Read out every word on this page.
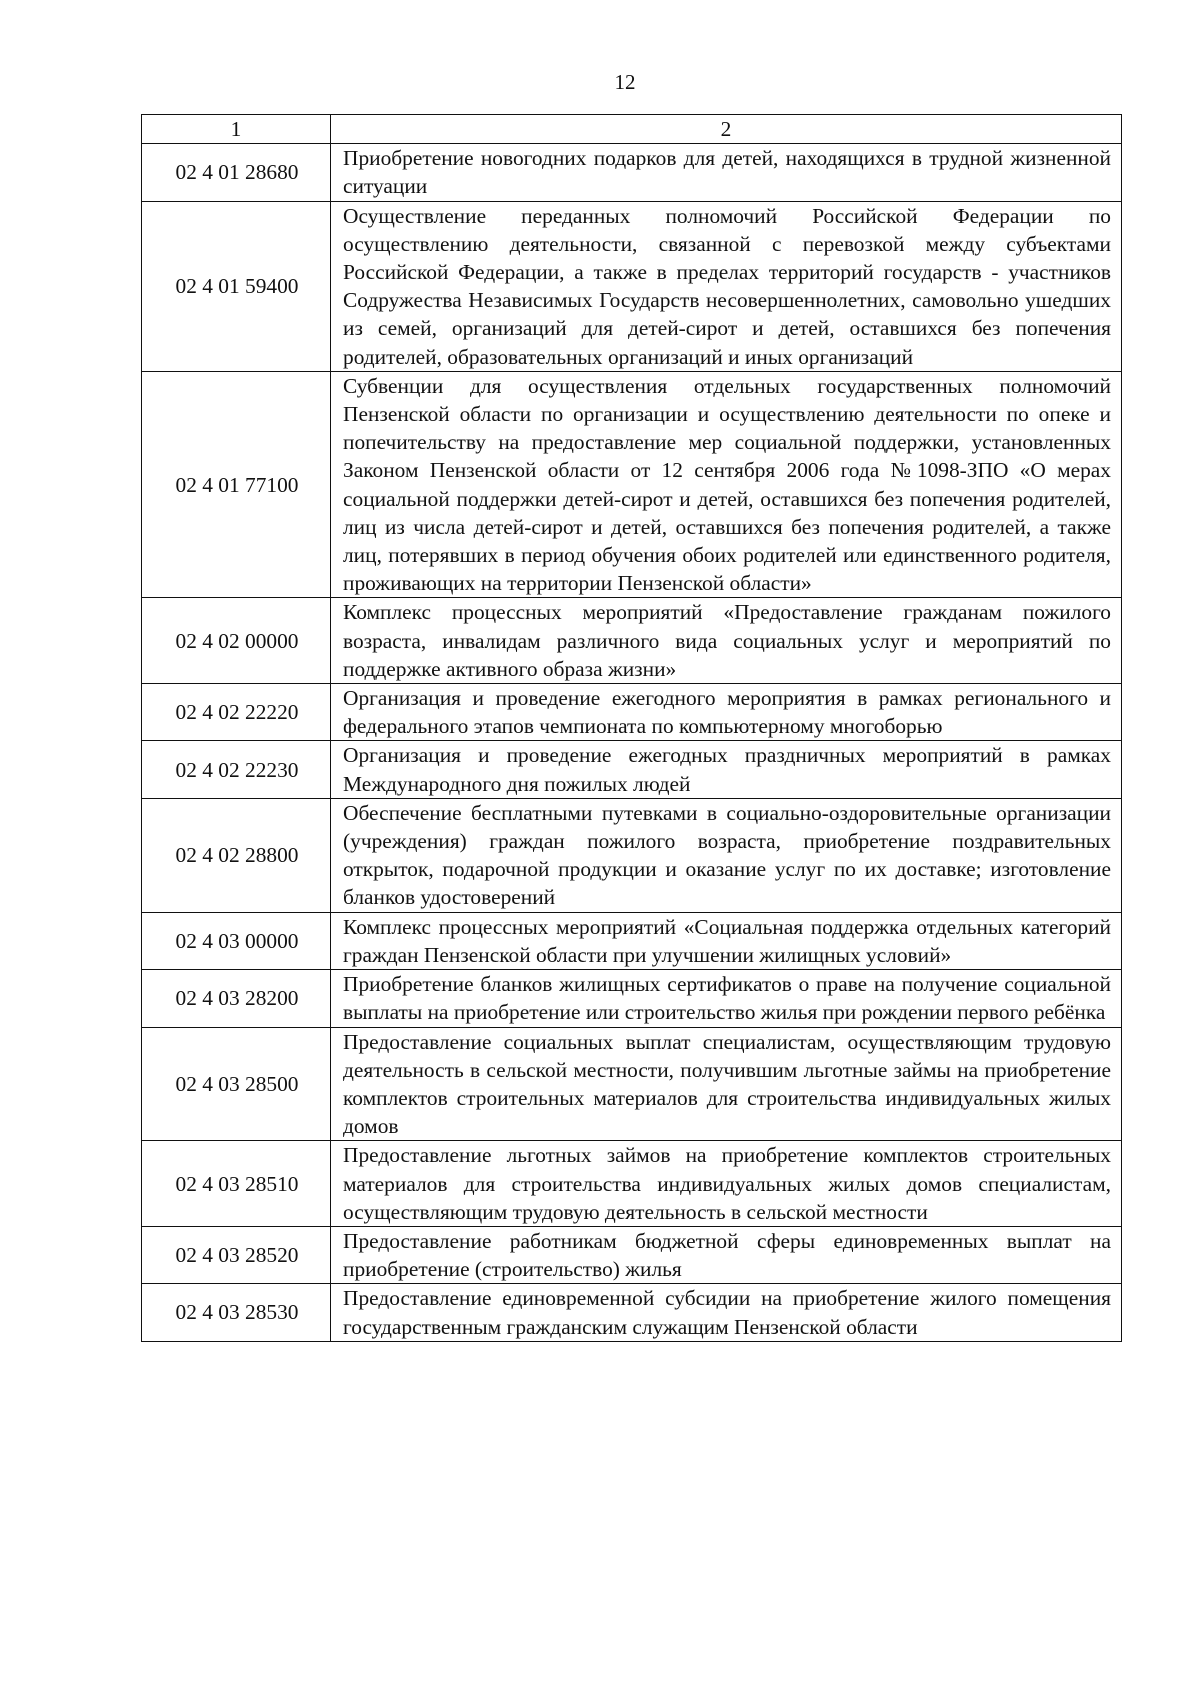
12
1	2
02 4 01 28680	Приобретение новогодних подарков для детей, находящихся в трудной жизненной ситуации
02 4 01 59400	Осуществление переданных полномочий Российской Федерации по осуществлению деятельности, связанной с перевозкой между субъектами Российской Федерации, а также в пределах территорий государств - участников Содружества Независимых Государств несовершеннолетних, самовольно ушедших из семей, организаций для детей-сирот и детей, оставшихся без попечения родителей, образовательных организаций и иных организаций
02 4 01 77100	Субвенции для осуществления отдельных государственных полномочий Пензенской области по организации и осуществлению деятельности по опеке и попечительству на предоставление мер социальной поддержки, установленных Законом Пензенской области от 12 сентября 2006 года №1098-ЗПО «О мерах социальной поддержки детей-сирот и детей, оставшихся без попечения родителей, лиц из числа детей-сирот и детей, оставшихся без попечения родителей, а также лиц, потерявших в период обучения обоих родителей или единственного родителя, проживающих на территории Пензенской области»
02 4 02 00000	Комплекс процессных мероприятий «Предоставление гражданам пожилого возраста, инвалидам различного вида социальных услуг и мероприятий по поддержке активного образа жизни»
02 4 02 22220	Организация и проведение ежегодного мероприятия в рамках регионального и федерального этапов чемпионата по компьютерному многоборью
02 4 02 22230	Организация и проведение ежегодных праздничных мероприятий в рамках Международного дня пожилых людей
02 4 02 28800	Обеспечение бесплатными путевками в социально-оздоровительные организации (учреждения) граждан пожилого возраста, приобретение поздравительных открыток, подарочной продукции и оказание услуг по их доставке; изготовление бланков удостоверений
02 4 03 00000	Комплекс процессных мероприятий «Социальная поддержка отдельных категорий граждан Пензенской области при улучшении жилищных условий»
02 4 03 28200	Приобретение бланков жилищных сертификатов о праве на получение социальной выплаты на приобретение или строительство жилья при рождении первого ребёнка
02 4 03 28500	Предоставление социальных выплат специалистам, осуществляющим трудовую деятельность в сельской местности, получившим льготные займы на приобретение комплектов строительных материалов для строительства индивидуальных жилых домов
02 4 03 28510	Предоставление льготных займов на приобретение комплектов строительных материалов для строительства индивидуальных жилых домов специалистам, осуществляющим трудовую деятельность в сельской местности
02 4 03 28520	Предоставление работникам бюджетной сферы единовременных выплат на приобретение (строительство) жилья
02 4 03 28530	Предоставление единовременной субсидии на приобретение жилого помещения государственным гражданским служащим Пензенской области
